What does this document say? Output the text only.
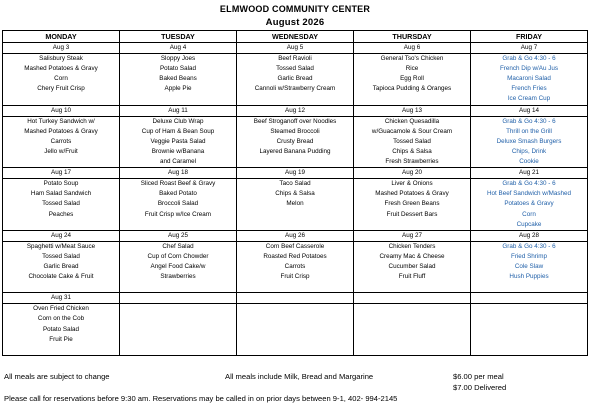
ELMWOOD COMMUNITY CENTER
August 2026
MONDAY	TUESDAY	WEDNESDAY	THURSDAY	FRIDAY
Aug 3	Aug 4	Aug 5	Aug 6	Aug 7
Salisbury Steak	Sloppy Joes	Beef Ravioli	General Tso's Chicken	Grab & Go 4:30 - 6
Mashed Potatoes & Gravy	Potato Salad	Tossed Salad	Rice	French Dip w/Au Jus
Corn	Baked Beans	Garlic Bread	Egg Roll	Macaroni Salad
Chery Fruit Crisp	Apple Pie	Cannoli w/Strawberry Cream	Tapioca Pudding & Oranges	French Fries
				Ice Cream Cup
Aug 10	Aug 11	Aug 12	Aug 13	Aug 14
Hot Turkey Sandwich w/	Deluxe Club Wrap	Beef Stroganoff over Noodles	Chicken Quesadilla	Grab & Go 4:30 - 6
Mashed Potatoes & Gravy	Cup of Ham & Bean Soup	Steamed Broccoli	w/Guacamole & Sour Cream	Thrill on the Grill
Carrots	Veggie Pasta Salad	Crusty Bread	Tossed Salad	Deluxe Smash Burgers
Jello w/Fruit	Brownie w/Banana	Layered Banana Pudding	Chips & Salsa	Chips, Drink
	and Caramel		Fresh Strawberries	Cookie
Aug 17	Aug 18	Aug 19	Aug 20	Aug 21
Potato Soup	Sliced Roast Beef & Gravy	Taco Salad	Liver & Onions	Grab & Go 4:30 - 6
Ham Salad Sandwich	Baked Potato	Chips & Salsa	Mashed Potatoes & Gravy	Hot Beef Sandwich w/Mashed
Tossed Salad	Broccoli Salad	Melon	Fresh Green Beans	Potatoes & Gravy
Peaches	Fruit Crisp w/Ice Cream		Fruit Dessert Bars	Corn
				Cupcake
Aug 24	Aug 25	Aug 26	Aug 27	Aug 28
Spaghetti w/Meat Sauce	Chef Salad	Corn Beef Casserole	Chicken Tenders	Grab & Go 4:30 - 6
Tossed Salad	Cup of Corn Chowder	Roasted Red Potatoes	Creamy Mac & Cheese	Fried Shrimp
Garlic Bread	Angel Food Cake/w	Carrots	Cucumber Salad	Cole Slaw
Chocolate Cake & Fruit	Strawberries	Fruit Crisp	Fruit Fluff	Hush Puppies

Aug 31				
Oven Fried Chicken				
Corn on the Cob				
Potato Salad				
Fruit Pie				

All meals are subject to change	All meals include Milk, Bread and Margarine	$6.00 per meal
$7.00 Delivered
Please call for reservations before 9:30 am. Reservations may be called in on prior days between 9-1, 402- 994-2145
